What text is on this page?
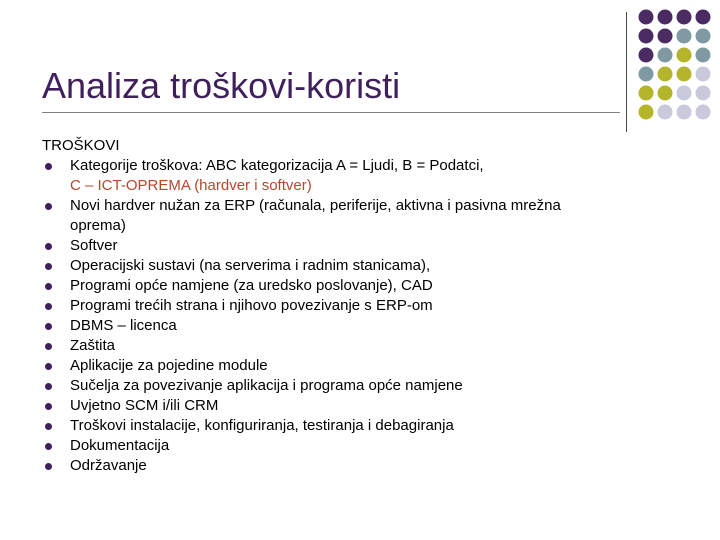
Analiza troškovi-koristi
TROŠKOVI
Kategorije troškova: ABC kategorizacija A = Ljudi, B = Podatci,
C – ICT-OPREMA (hardver i softver)
Novi hardver nužan za ERP (računala, periferije, aktivna i pasivna mrežna
oprema)
Softver
Operacijski sustavi (na serverima i radnim stanicama),
Programi opće namjene (za uredsko poslovanje), CAD
Programi trećih strana i njihovo povezivanje s ERP-om
DBMS – licenca
Zaštita
Aplikacije za pojedine module
Sučelja za povezivanje aplikacija i programa opće namjene
Uvjetno SCM i/ili CRM
Troškovi instalacije, konfiguriranja, testiranja i debagiranja
Dokumentacija
Održavanje
